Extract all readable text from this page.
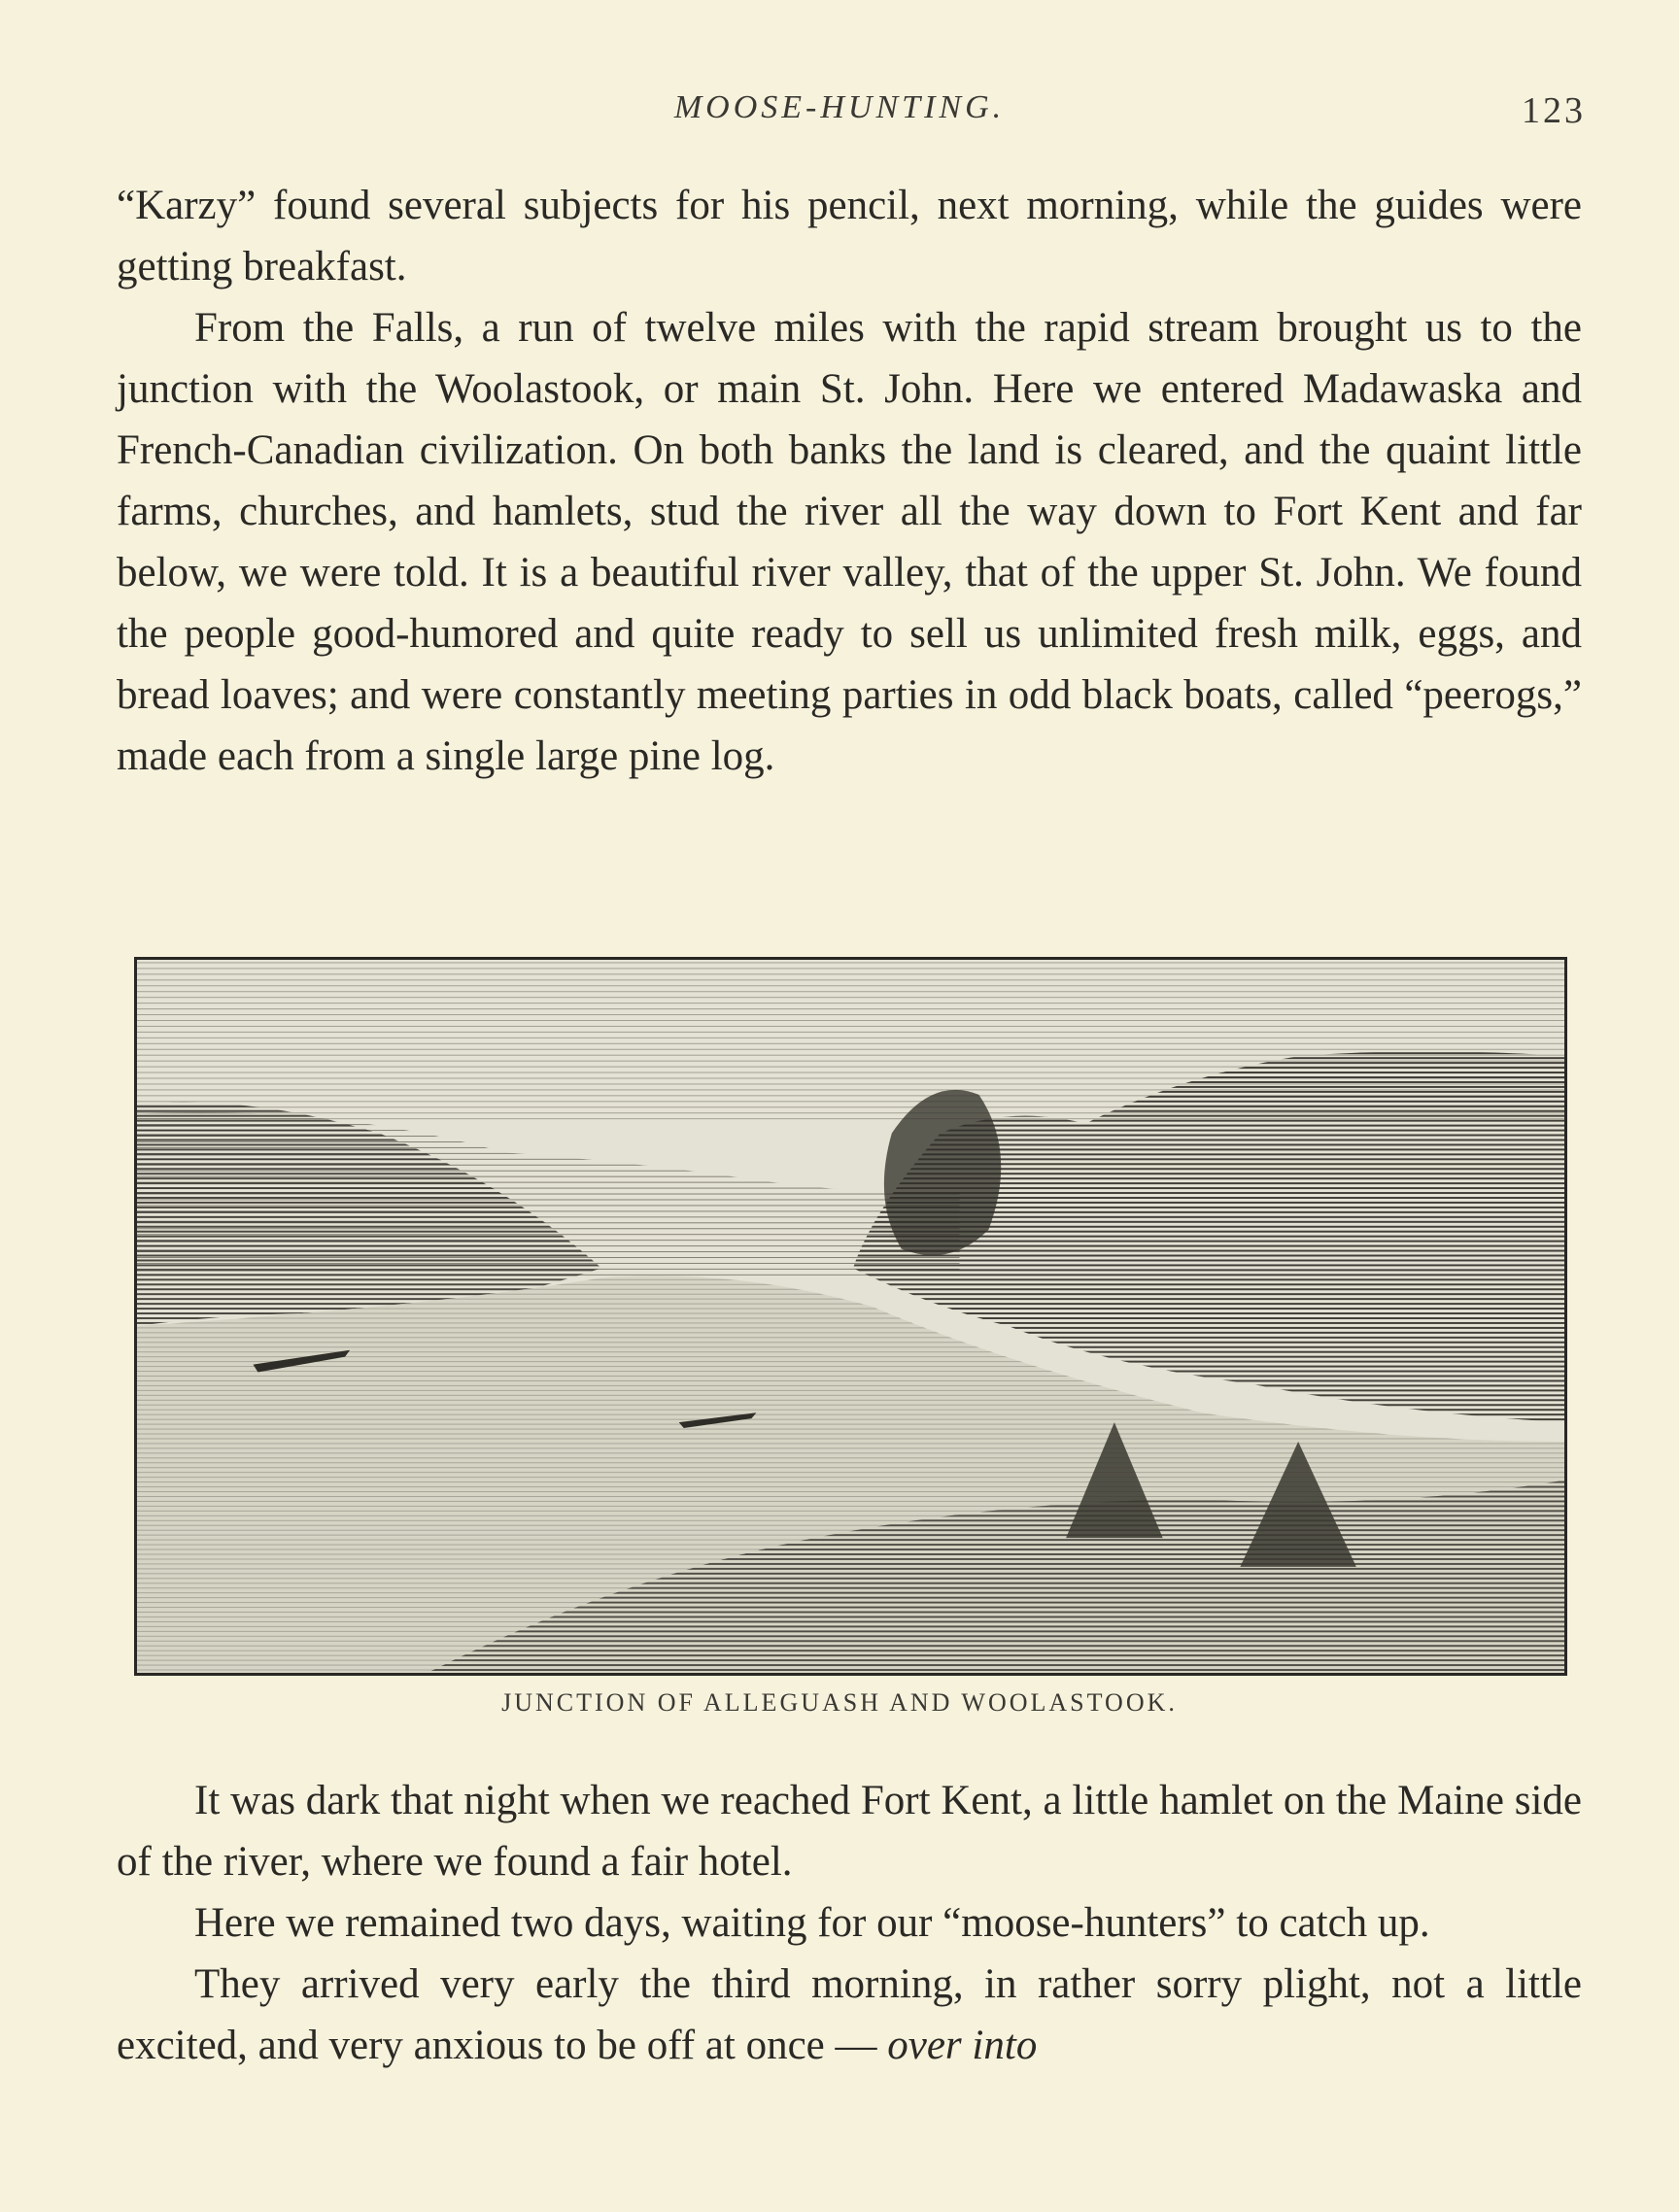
MOOSE-HUNTING.	123

“Karzy” found several subjects for his pencil, next morning, while the guides were getting breakfast.

From the Falls, a run of twelve miles with the rapid stream brought us to the junction with the Woolastook, or main St. John. Here we entered Madawaska and French-Canadian civilization. On both banks the land is cleared, and the quaint little farms, churches, and hamlets, stud the river all the way down to Fort Kent and far below, we were told. It is a beautiful river valley, that of the upper St. John. We found the people good-humored and quite ready to sell us unlimited fresh milk, eggs, and bread loaves; and were constantly meeting parties in odd black boats, called “peerogs,” made each from a single large pine log.

JUNCTION OF ALLEGUASH AND WOOLASTOOK.

It was dark that night when we reached Fort Kent, a little hamlet on the Maine side of the river, where we found a fair hotel.

Here we remained two days, waiting for our “moose-hunters” to catch up.

They arrived very early the third morning, in rather sorry plight, not a little excited, and very anxious to be off at once — over into
